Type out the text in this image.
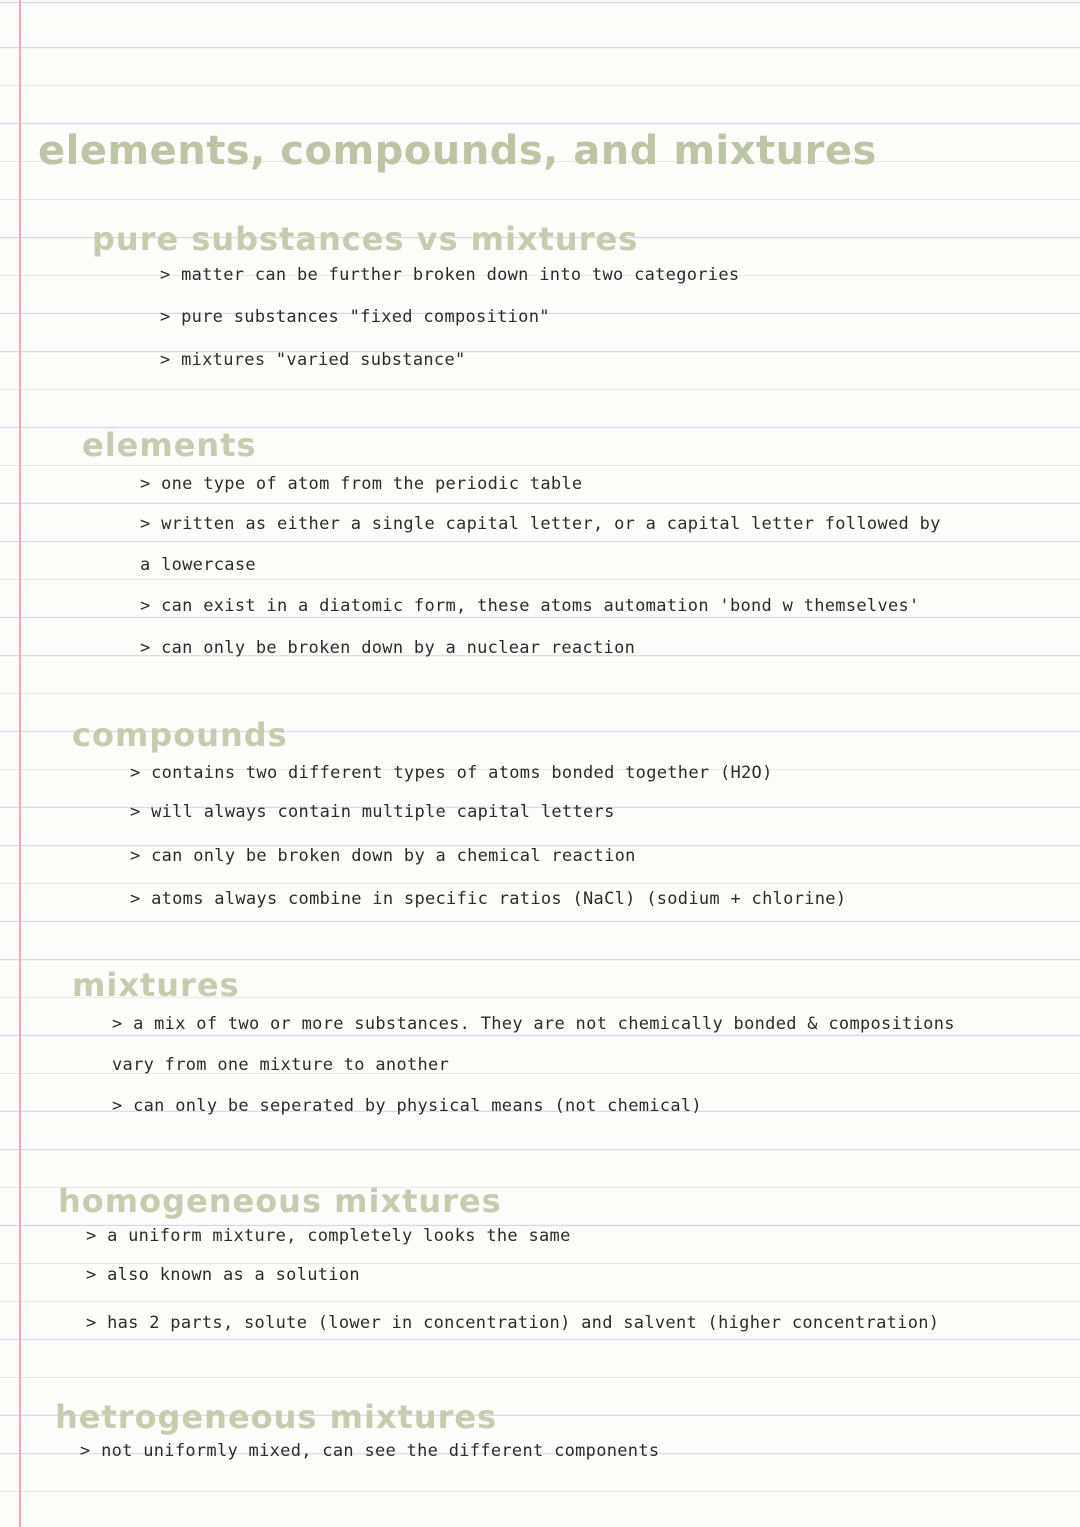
elements, compounds, and mixtures
pure substances vs mixtures
> matter can be further broken down into two categories
> pure substances "fixed composition"
> mixtures "varied substance"
elements
> one type of atom from the periodic table
> written as either a single capital letter, or a capital letter followed by
a lowercase
> can exist in a diatomic form, these atoms automation 'bond w themselves'
> can only be broken down by a nuclear reaction
compounds
> contains two different types of atoms bonded together (H2O)
> will always contain multiple capital letters
> can only be broken down by a chemical reaction
> atoms always combine in specific ratios (NaCl) (sodium + chlorine)
mixtures
> a mix of two or more substances. They are not chemically bonded & compositions
vary from one mixture to another
> can only be seperated by physical means (not chemical)
homogeneous mixtures
> a uniform mixture, completely looks the same
> also known as a solution
> has 2 parts, solute (lower in concentration) and salvent (higher concentration)
hetrogeneous mixtures
> not uniformly mixed, can see the different components
